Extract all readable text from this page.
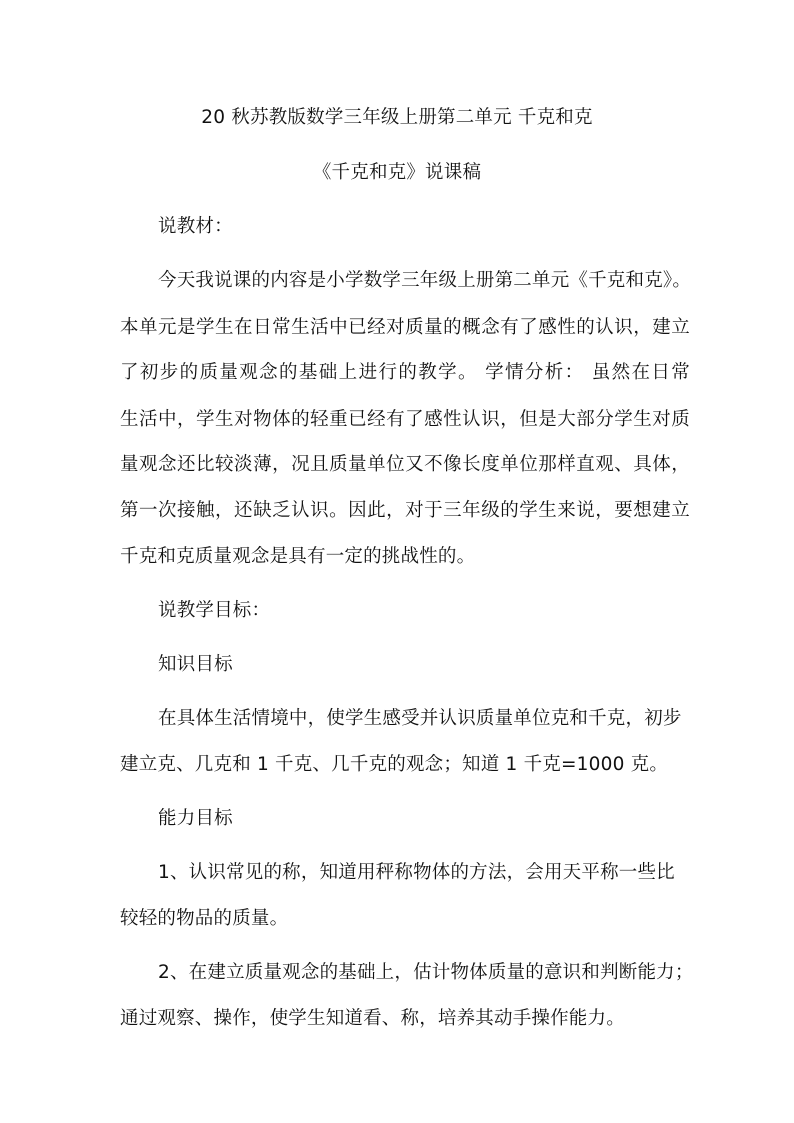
20 秋苏教版数学三年级上册第二单元 千克和克
《千克和克》说课稿
说教材：
今天我说课的内容是小学数学三年级上册第二单元《千克和克》。
本单元是学生在日常生活中已经对质量的概念有了感性的认识，建立
了初步的质量观念的基础上进行的教学。 学情分析： 虽然在日常
生活中，学生对物体的轻重已经有了感性认识，但是大部分学生对质
量观念还比较淡薄，况且质量单位又不像长度单位那样直观、具体，
第一次接触，还缺乏认识。因此，对于三年级的学生来说，要想建立
千克和克质量观念是具有一定的挑战性的。
说教学目标：
知识目标
在具体生活情境中，使学生感受并认识质量单位克和千克，初步
建立克、几克和 1 千克、几千克的观念；知道 1 千克=1000 克。
能力目标
1、认识常见的称，知道用秤称物体的方法，会用天平称一些比
较轻的物品的质量。
2、在建立质量观念的基础上，估计物体质量的意识和判断能力；
通过观察、操作，使学生知道看、称，培养其动手操作能力。
